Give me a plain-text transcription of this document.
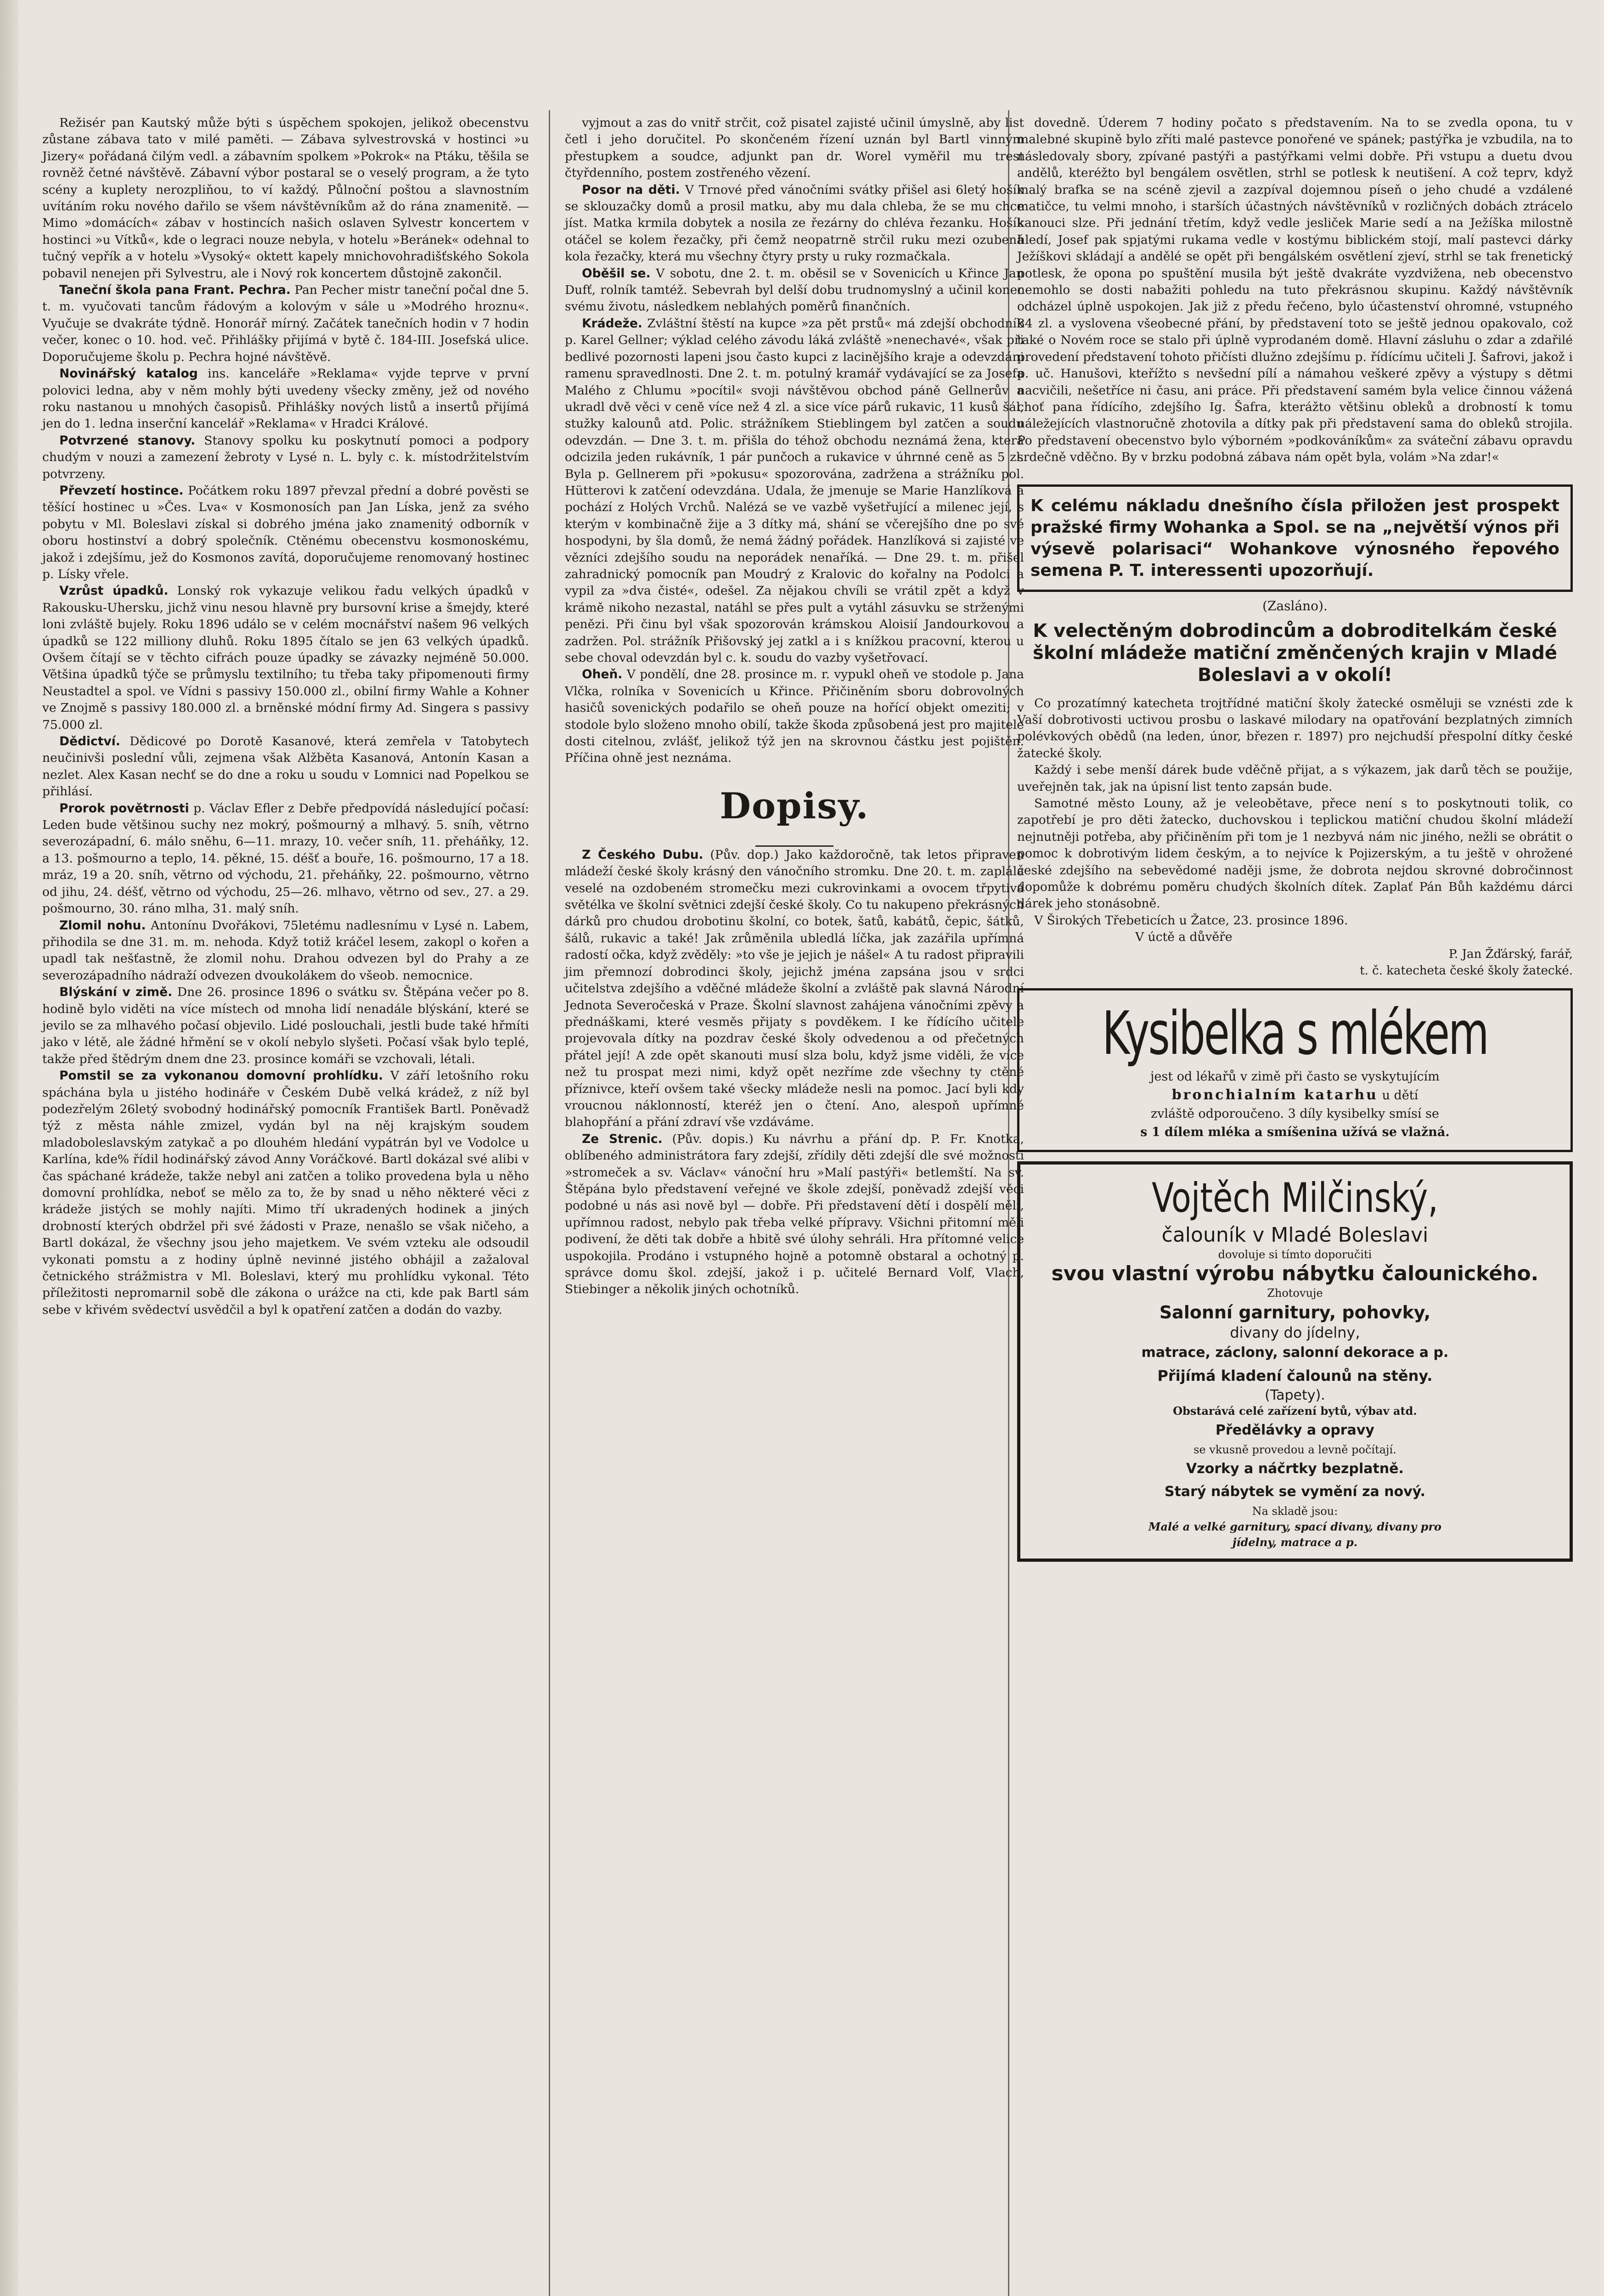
Režisér pan Kautský může býti s úspěchem spokojen, jelikož obecenstvu zůstane zábava tato v milé paměti. — Zábava sylvestrovská v hostinci »u Jizery« pořádaná čilým vedl. a zábavním spolkem »Pokrok« na Ptáku, těšila se rovněž četné návštěvě. Zábavní výbor postaral se o veselý program, a že tyto scény a kuplety nerozpliňou, to ví každý. Půlnoční poštou a slavnostním uvítáním roku nového dařilo se všem návštěvníkům až do rána znamenitě. — Mimo »domácích« zábav v hostincích našich oslaven Sylvestr koncertem v hostinci »u Vítků«, kde o legraci nouze nebyla, v hotelu »Beránek« odehnal to tučný vepřík a v hotelu »Vysoký« oktett kapely mnichovohradišťského Sokola pobavil nenejen při Sylvestru, ale i Nový rok koncertem důstojně zakončil.

Taneční škola pana Frant. Pechra. Pan Pecher mistr taneční počal dne 5. t. m. vyučovati tancům řádovým a kolovým v sále u »Modrého hroznu«. Vyučuje se dvakráte týdně. Honorář mírný. Začátek tanečních hodin v 7 hodin večer, konec o 10. hod. več. Přihlášky přijímá v bytě č. 184-III. Josefská ulice. Doporučujeme školu p. Pechra hojné návštěvě.

Novinářský katalog ins. kanceláře »Reklama« vyjde teprve v první polovici ledna, aby v něm mohly býti uvedeny všecky změny, jež od nového roku nastanou u mnohých časopisů. Přihlášky nových listů a insertů přijímá jen do 1. ledna inserční kancelář »Reklama« v Hradci Králové.

Potvrzené stanovy. Stanovy spolku ku poskytnutí pomoci a podpory chudým v nouzi a zamezení žebroty v Lysé n. L. byly c. k. místodržitelstvím potvrzeny.

Převzetí hostince. Počátkem roku 1897 převzal přední a dobré pověsti se těšící hostinec u »Čes. Lva« v Kosmonosích pan Jan Líska, jenž za svého pobytu v Ml. Boleslavi získal si dobrého jména jako znamenitý odborník v oboru hostinství a dobrý společník. Ctěnému obecenstvu kosmonoskému, jakož i zdejšímu, jež do Kosmonos zavítá, doporučujeme renomovaný hostinec p. Lísky vřele.

Vzrůst úpadků. Lonský rok vykazuje velikou řadu velkých úpadků v Rakousku-Uhersku, jichž vinu nesou hlavně pry bursovní krise a šmejdy, které loni zvláště bujely. Roku 1896 událo se v celém mocnářství našem 96 velkých úpadků se 122 milliony dluhů. Roku 1895 čítalo se jen 63 velkých úpadků. Ovšem čítají se v těchto cifrách pouze úpadky se závazky nejméně 50.000. Většina úpadků týče se průmyslu textilního; tu třeba taky připomenouti firmy Neustadtel a spol. ve Vídni s passivy 150.000 zl., obilní firmy Wahle a Kohner ve Znojmě s passivy 180.000 zl. a brněnské módní firmy Ad. Singera s passivy 75.000 zl.

Dědictví. Dědicové po Dorotě Kasanové, která zemřela v Tatobytech neučinivši poslední vůli, zejmena však Alžběta Kasanová, Antonín Kasan a nezlet. Alex Kasan nechť se do dne a roku u soudu v Lomnici nad Popelkou se přihlásí.

Prorok povětrnosti p. Václav Efler z Debře předpovídá následující počasí: Leden bude většinou suchy nez mokrý, pošmourný a mlhavý. 5. sníh, větrno severozápadní, 6. málo sněhu, 6—11. mrazy, 10. večer sníh, 11. přeháňky, 12. a 13. pošmourno a teplo, 14. pěkné, 15. déšť a bouře, 16. pošmourno, 17 a 18. mráz, 19 a 20. sníh, větrno od východu, 21. přeháňky, 22. pošmourno, větrno od jihu, 24. déšť, větrno od východu, 25—26. mlhavo, větrno od sev., 27. a 29. pošmourno, 30. ráno mlha, 31. malý sníh.

Zlomil nohu. Antonínu Dvořákovi, 75letému nadlesnímu v Lysé n. Labem, přihodila se dne 31. m. m. nehoda. Když totiž kráčel lesem, zakopl o kořen a upadl tak nešťastně, že zlomil nohu. Drahou odvezen byl do Prahy a ze severozápadního nádraží odvezen dvoukolákem do všeob. nemocnice.

Blýskání v zimě. Dne 26. prosince 1896 o svátku sv. Štěpána večer po 8. hodině bylo viděti na více místech od mnoha lidí nenadále blýskání, které se jevilo se za mlhavého počasí objevilo. Lidé poslouchali, jestli bude také hřmíti jako v létě, ale žádné hřmění se v okolí nebylo slyšeti. Počasí však bylo teplé, takže před štědrým dnem dne 23. prosince komáři se vzchovali, létali.

Pomstil se za vykonanou domovní prohlídku. V září letošního roku spáchána byla u jistého hodináře v Českém Dubě velká krádež, z níž byl podezřelým 26letý svobodný hodinářský pomocník František Bartl. Poněvadž týž z města náhle zmizel, vydán byl na něj krajským soudem mladoboleslavským zatykač a po dlouhém hledání vypátrán byl ve Vodolce u Karlína, kde% řídil hodinářský závod Anny Voráčkové. Bartl dokázal své alibi v čas spáchané krádeže, takže nebyl ani zatčen a toliko provedena byla u něho domovní prohlídka, neboť se mělo za to, že by snad u něho některé věci z krádeže jistých se mohly najíti. Mimo tří ukradených hodinek a jiných drobností kterých obdržel při své žádosti v Praze, nenašlo se však ničeho, a Bartl dokázal, že všechny jsou jeho majetkem. Ve svém vzteku ale odsoudil vykonati pomstu a z hodiny úplně nevinné jistého obhájil a zažaloval četnického strážmistra v Ml. Boleslavi, který mu prohlídku vykonal. Této příležitosti nepromarnil sobě dle zákona o urážce na cti, kde pak Bartl sám sebe v křivém svědectví usvědčil a byl k opatření zatčen a dodán do vazby.

vyjmout a zas do vnitř strčit, což pisatel zajisté učinil úmyslně, aby list četl i jeho doručitel. Po skončeném řízení uznán byl Bartl vinným přestupkem a soudce, adjunkt pan dr. Worel vyměřil mu trest čtyřdenního, postem zostřeného vězení.

Posor na děti. V Trnové před vánočními svátky přišel asi 6letý hošík se sklouzačky domů a prosil matku, aby mu dala chleba, že se mu chce jíst. Matka krmila dobytek a nosila ze řezárny do chléva řezanku. Hošík otáčel se kolem řezačky, při čemž neopatrně strčil ruku mezi ozubená kola řezačky, která mu všechny čtyry prsty u ruky rozmačkala.

Oběšil se. V sobotu, dne 2. t. m. oběsil se v Sovenicích u Křince Jan Dufť, rolník tamtéž. Sebevrah byl delší dobu trudnomyslný a učinil konec svému životu, následkem neblahých poměrů finančních.

Krádeže. Zvláštní štěstí na kupce »za pět prstů« má zdejší obchodník p. Karel Gellner; výklad celého závodu láká zvláště »nenechavé«, však při bedlivé pozornosti lapeni jsou často kupci z lacinějšího kraje a odevzdáni ramenu spravedlnosti. Dne 2. t. m. potulný kramář vydávající se za Josefa Malého z Chlumu »pocítil« svoji návštěvou obchod páně Gellnerův a ukradl dvě věci v ceně více než 4 zl. a sice více párů rukavic, 11 kusů šál, stužky kalounů atd. Polic. strážníkem Stieblingem byl zatčen a soudu odevzdán. — Dne 3. t. m. přišla do téhož obchodu neznámá žena, která odcizila jeden rukávník, 1 pár punčoch a rukavice v úhrnné ceně as 5 zl. Byla p. Gellnerem při »pokusu« spozorována, zadržena a strážníku pol. Hütterovi k zatčení odevzdána. Udala, že jmenuje se Marie Hanzlíková a pochází z Holých Vrchů. Nalézá se ve vazbě vyšetřující a milenec její, s kterým v kombinačně žije a 3 dítky má, shání se včerejšího dne po své hospodyni, by šla domů, že nemá žádný pořádek. Hanzlíková si zajisté ve vězníci zdejšího soudu na neporádek nenaříká. — Dne 29. t. m. přišel zahradnický pomocník pan Moudrý z Kralovic do kořalny na Podolci a vypil za »dva čisté«, odešel. Za nějakou chvíli se vrátil zpět a když v krámě nikoho nezastal, natáhl se přes pult a vytáhl zásuvku se strženými penězi. Při činu byl však spozorován krámskou Aloisií Jandourkovou a zadržen. Pol. strážník Přišovský jej zatkl a i s knížkou pracovní, kterou u sebe choval odevzdán byl c. k. soudu do vazby vyšetřovací.

Oheň. V pondělí, dne 28. prosince m. r. vypukl oheň ve stodole p. Jana Vlčka, rolníka v Sovenicích u Křince. Přičiněním sboru dobrovolných hasičů sovenických podařilo se oheň pouze na hořící objekt omeziti; v stodole bylo složeno mnoho obilí, takže škoda způsobená jest pro majitele dosti citelnou, zvlášť, jelikož týž jen na skrovnou částku jest pojištěn. Příčina ohně jest neznáma.

Dopisy.

Z Českého Dubu. (Pův. dop.) Jako každoročně, tak letos připraven mládeží české školy krásný den vánočního stromku. Dne 20. t. m. zaplála veselé na ozdobeném stromečku mezi cukrovinkami a ovocem třpytivá světélka ve školní světnici zdejší české školy. Co tu nakupeno překrásných dárků pro chudou drobotinu školní, co botek, šatů, kabátů, čepic, šátků, šálů, rukavic a také! Jak zrůměnila ubledlá líčka, jak zazářila upřímná radostí očka, když zvěděly: »to vše je jejich je nášel« A tu radost připravili jim přemnozí dobrodinci školy, jejichž jména zapsána jsou v srdci učitelstva zdejšího a vděčné mládeže školní a zvláště pak slavná Národní Jednota Severočeská v Praze. Školní slavnost zahájena vánočními zpěvy a přednáškami, které vesměs přijaty s povděkem. I ke řídícího učitele projevovala dítky na pozdrav české školy odvedenou a od přečetných přátel její! A zde opět skanouti musí slza bolu, když jsme viděli, že více než tu prospat mezi nimi, když opět nezříme zde všechny ty ctěné příznivce, kteří ovšem také všecky mládeže nesli na pomoc. Jací byli kdy vroucnou náklonností, kteréž jen o čtení. Ano, alespoň upřímné blahopřání a přání zdraví vše vzdáváme.

Ze Strenic. (Pův. dopis.) Ku návrhu a přání dp. P. Fr. Knotka, oblíbeného administrátora fary zdejší, zřídily děti zdejší dle své možnosti »stromeček a sv. Václav« vánoční hru »Malí pastýři« betlemští. Na sv. Štěpána bylo představení veřejné ve škole zdejší, poněvadž zdejší věci podobné u nás asi nově byl — dobře. Při představení dětí i dospělí měli, upřímnou radost, nebylo pak třeba velké přípravy. Všichni přitomní měli podivení, že děti tak dobře a hbitě své úlohy sehráli. Hra přítomné velice uspokojila. Prodáno i vstupného hojně a potomně obstaral a ochotný p. správce domu škol. zdejší, jakož i p. učitelé Bernard Volf, Vlach, Stiebinger a několik jiných ochotníků.

dovedně. Úderem 7 hodiny počato s představením. Na to se zvedla opona, tu v malebné skupině bylo zříti malé pastevce ponořené ve spánek; pastýřka je vzbudila, na to následovaly sbory, zpívané pastýři a pastýřkami velmi dobře. Při vstupu a duetu dvou andělů, kteréžto byl bengálem osvětlen, strhl se potlesk k neutišení. A což teprv, když malý brafka se na scéně zjevil a zazpíval dojemnou píseň o jeho chudé a vzdálené matičce, tu velmi mnoho, i starších účastných návštěvníků v rozličných dobách ztrácelo kanouci slze. Při jednání třetím, když vedle jesliček Marie sedí a na Ježíška milostně hledí, Josef pak spjatými rukama vedle v kostýmu biblickém stojí, malí pastevci dárky Ježíškovi skládají a andělé se opět při bengálském osvětlení zjeví, strhl se tak frenetický potlesk, že opona po spuštění musila být ještě dvakráte vyzdvižena, neb obecenstvo nemohlo se dosti nabažiti pohledu na tuto překrásnou skupinu. Každý návštěvník odcházel úplně uspokojen. Jak již z předu řečeno, bylo účastenství ohromné, vstupného 84 zl. a vyslovena všeobecné přání, by představení toto se ještě jednou opakovalo, což také o Novém roce se stalo při úplně vyprodaném domě. Hlavní zásluhu o zdar a zdařilé provedení představení tohoto přičísti dlužno zdejšímu p. řídícímu učiteli J. Šafrovi, jakož i p. uč. Hanušovi, kteřížto s nevšední pílí a námahou veškeré zpěvy a výstupy s dětmi nacvičili, nešetříce ni času, ani práce. Při představení samém byla velice činnou vážená choť pana řídícího, zdejšího Ig. Šafra, kterážto většinu obleků a drobností k tomu náležejících vlastnoručně zhotovila a dítky pak při představení sama do obleků strojila. Po představení obecenstvo bylo výborném »podkováníkům« za sváteční zábavu opravdu srdečně vděčno. By v brzku podobná zábava nám opět byla, volám »Na zdar!«

K celému nákladu dnešního čísla přiložen jest prospekt pražské firmy Wohanka a Spol. se na „největší výnos při výsevě polarisaci“ Wohankove výnosného řepového semena P. T. interessenti upozorňují.
(Zasláno).
K velectěným dobrodincům a dobroditelkám české školní mládeže matiční změnčených krajin v Mladé Boleslavi a v okolí!

Co prozatímný katecheta trojtřídné matiční školy žatecké osměluji se vznésti zde k Vaší dobrotivosti uctivou prosbu o laskavé milodary na opatřování bezplatných zimních polévkových obědů (na leden, únor, březen r. 1897) pro nejchudší přespolní dítky české žatecké školy.

Každý i sebe menší dárek bude vděčně přijat, a s výkazem, jak darů těch se použije, uveřejněn tak, jak na úpisní list tento zapsán bude.

Samotné město Louny, až je veleobětave, přece není s to poskytnouti tolik, co zapotřebí je pro děti žatecko, duchovskou i teplickou matiční chudou školní mládeží nejnutněji potřeba, aby přičiněním při tom je 1 nezbyvá nám nic jiného, nežli se obrátit o pomoc k dobrotivým lidem českým, a to nejvíce k Pojizerským, a tu ještě v ohrožené české zdejšího na sebevědomé naději jsme, že dobrota nejdou skrovné dobročinnost dopomůže k dobrému poměru chudých školních dítek. Zaplať Pán Bůh každému dárci dárek jeho stonásobně.

V Širokých Třebeticích u Žatce, 23. prosince 1896.

V úctě a důvěře
P. Jan Žďárský, farář,
t. č. katecheta české školy žatecké.
Kysibelka s mlékem
jest od lékařů v zimě při často se vyskytujícím
bronchialním katarhu u dětí
zvláště odporoučeno. 3 díly kysibelky smísí se
s 1 dílem mléka a smíšenina užívá se vlažná.
Vojtěch Milčinský,
čalouník v Mladé Boleslavi
dovoluje si tímto doporučiti
svou vlastní výrobu nábytku čalounického.
Zhotovuje
Salonní garnitury, pohovky,
divany do jídelny,
matrace, záclony, salonní dekorace a p.
Přijímá kladení čalounů na stěny.
(Tapety).
Obstarává celé zařízení bytů, výbav atd.
Předělávky a opravy
se vkusně provedou a levně počítají.
Vzorky a náčrtky bezplatně.
Starý nábytek se vymění za nový.
Na skladě jsou:
Malé a velké garnitury, spací divany, divany pro
jídelny, matrace a p.
